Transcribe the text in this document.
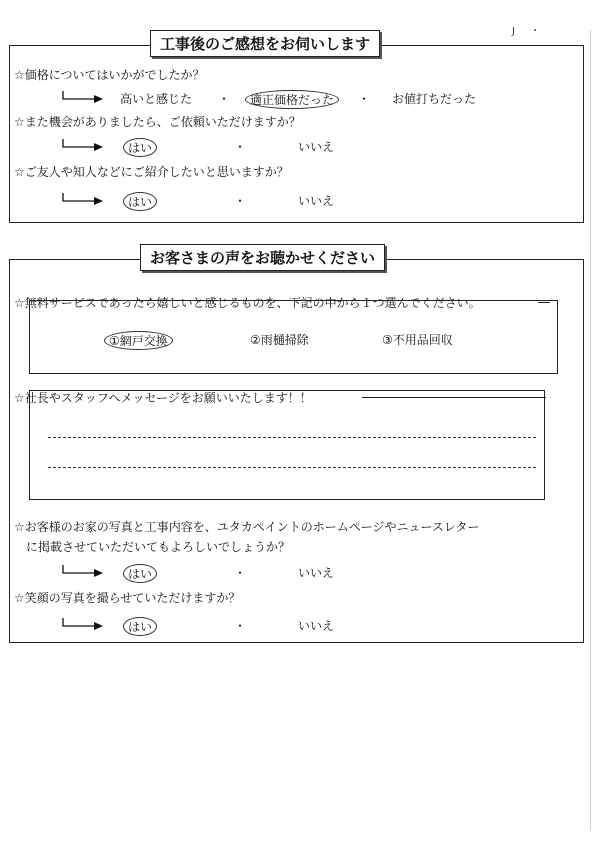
J ・
工事後のご感想をお伺いします
☆価格についてはいかがでしたか？
高いと感じた ・	適正価格だった	・ お値打ちだった
☆また機会がありましたら、ご依頼いただけますか？
はい	・	いいえ
☆ご友人や知人などにご紹介したいと思いますか？
はい	・	いいえ
お客さまの声をお聴かせください
☆無料サービスであったら嬉しいと感じるものを、下記の中から１つ選んでください。
①網戸交換	②雨樋掃除	③不用品回収
☆社長やスタッフへメッセージをお願いいたします！！
☆お客様のお家の写真と工事内容を、ユタカペイントのホームページやニュースレター
に掲載させていただいてもよろしいでしょうか？
はい	・	いいえ
☆笑顔の写真を撮らせていただけますか？
はい	・	いいえ
